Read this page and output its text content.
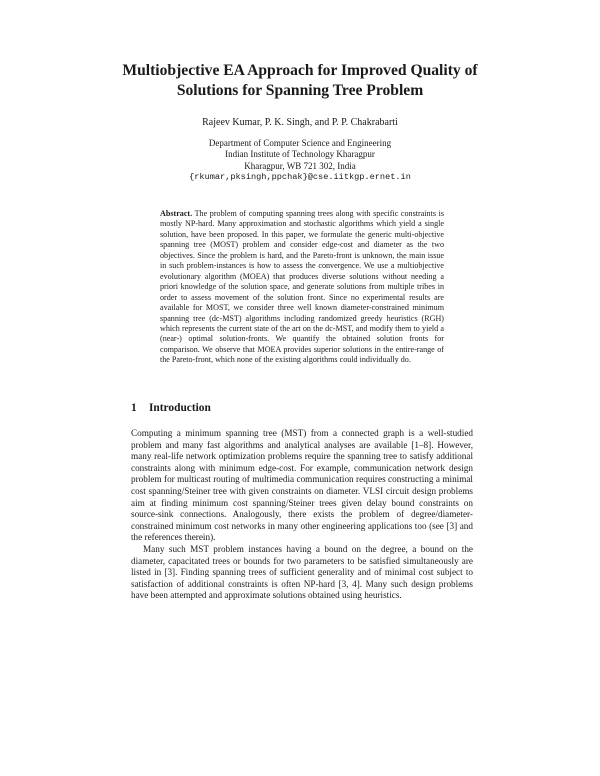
Multiobjective EA Approach for Improved Quality of
Solutions for Spanning Tree Problem

Rajeev Kumar, P. K. Singh, and P. P. Chakrabarti

Department of Computer Science and Engineering
Indian Institute of Technology Kharagpur
Kharagpur, WB 721 302, India
{rkumar,pksingh,ppchak}@cse.iitkgp.ernet.in

Abstract. The problem of computing spanning trees along with specific constraints is mostly NP-hard. Many approximation and stochastic algorithms which yield a single solution, have been proposed. In this paper, we formulate the generic multi-objective spanning tree (MOST) problem and consider edge-cost and diameter as the two objectives. Since the problem is hard, and the Pareto-front is unknown, the main issue in such problem-instances is how to assess the convergence. We use a multiobjective evolutionary algorithm (MOEA) that produces diverse solutions without needing a priori knowledge of the solution space, and generate solutions from multiple tribes in order to assess movement of the solution front. Since no experimental results are available for MOST, we consider three well known diameter-constrained minimum spanning tree (dc-MST) algorithms including randomized greedy heuristics (RGH) which represents the current state of the art on the dc-MST, and modify them to yield a (near-) optimal solution-fronts. We quantify the obtained solution fronts for comparison. We observe that MOEA provides superior solutions in the entire-range of the Pareto-front, which none of the existing algorithms could individually do.

1 Introduction

Computing a minimum spanning tree (MST) from a connected graph is a well-studied problem and many fast algorithms and analytical analyses are available [1–8]. However, many real-life network optimization problems require the spanning tree to satisfy additional constraints along with minimum edge-cost. For example, communication network design problem for multicast routing of multimedia communication requires constructing a minimal cost spanning/Steiner tree with given constraints on diameter. VLSI circuit design problems aim at finding minimum cost spanning/Steiner trees given delay bound constraints on source-sink connections. Analogously, there exists the problem of degree/diameter-constrained minimum cost networks in many other engineering applications too (see [3] and the references therein).

Many such MST problem instances having a bound on the degree, a bound on the diameter, capacitated trees or bounds for two parameters to be satisfied simultaneously are listed in [3]. Finding spanning trees of sufficient generality and of minimal cost subject to satisfaction of additional constraints is often NP-hard [3, 4]. Many such design problems have been attempted and approximate solutions obtained using heuristics.
